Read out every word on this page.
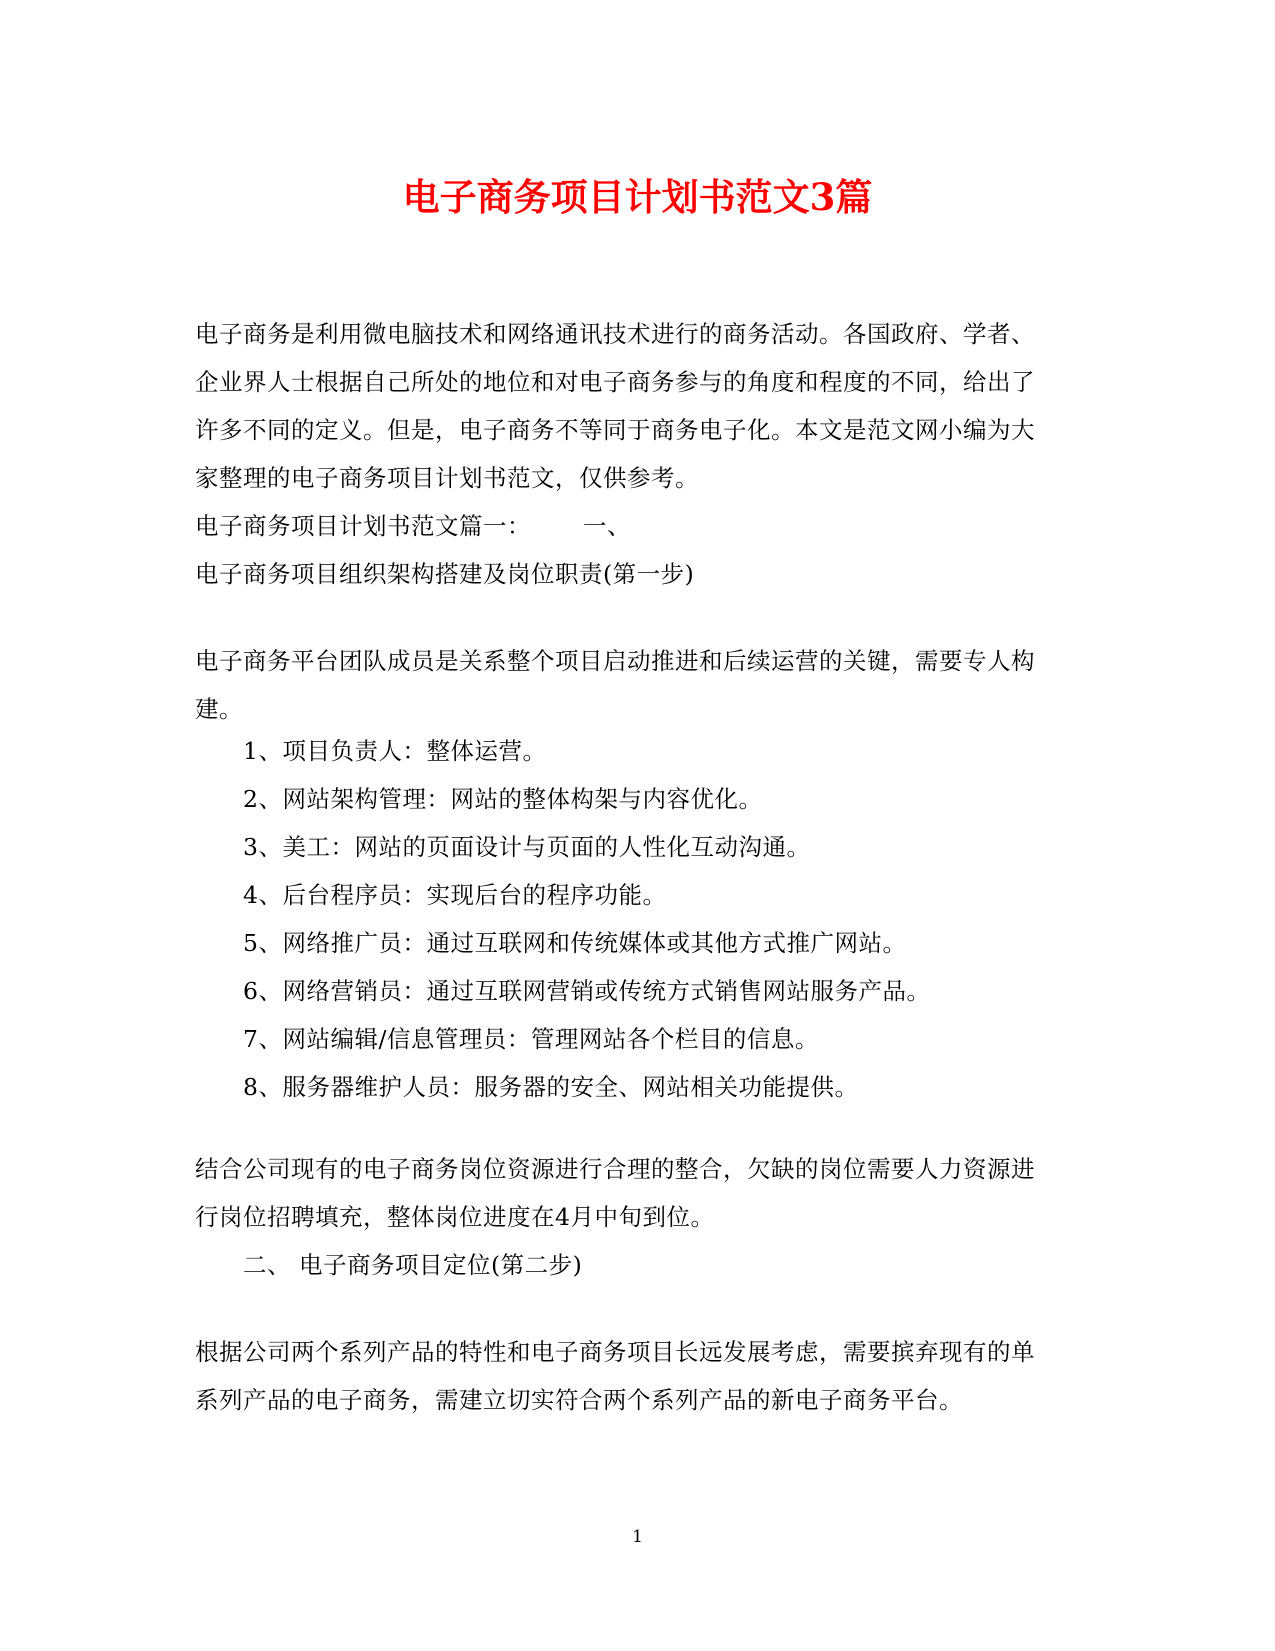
电子商务项目计划书范文3篇
电子商务是利用微电脑技术和网络通讯技术进行的商务活动。各国政府、学者、
企业界人士根据自己所处的地位和对电子商务参与的角度和程度的不同，给出了
许多不同的定义。但是，电子商务不等同于商务电子化。本文是范文网小编为大
家整理的电子商务项目计划书范文，仅供参考。
电子商务项目计划书范文篇一： 一、
电子商务项目组织架构搭建及岗位职责(第一步)
电子商务平台团队成员是关系整个项目启动推进和后续运营的关键，需要专人构
建。
1、项目负责人：整体运营。
2、网站架构管理：网站的整体构架与内容优化。
3、美工：网站的页面设计与页面的人性化互动沟通。
4、后台程序员：实现后台的程序功能。
5、网络推广员：通过互联网和传统媒体或其他方式推广网站。
6、网络营销员：通过互联网营销或传统方式销售网站服务产品。
7、网站编辑/信息管理员：管理网站各个栏目的信息。
8、服务器维护人员：服务器的安全、网站相关功能提供。
结合公司现有的电子商务岗位资源进行合理的整合，欠缺的岗位需要人力资源进
行岗位招聘填充，整体岗位进度在4月中旬到位。
二、 电子商务项目定位(第二步)
根据公司两个系列产品的特性和电子商务项目长远发展考虑，需要摈弃现有的单
系列产品的电子商务，需建立切实符合两个系列产品的新电子商务平台。
1
